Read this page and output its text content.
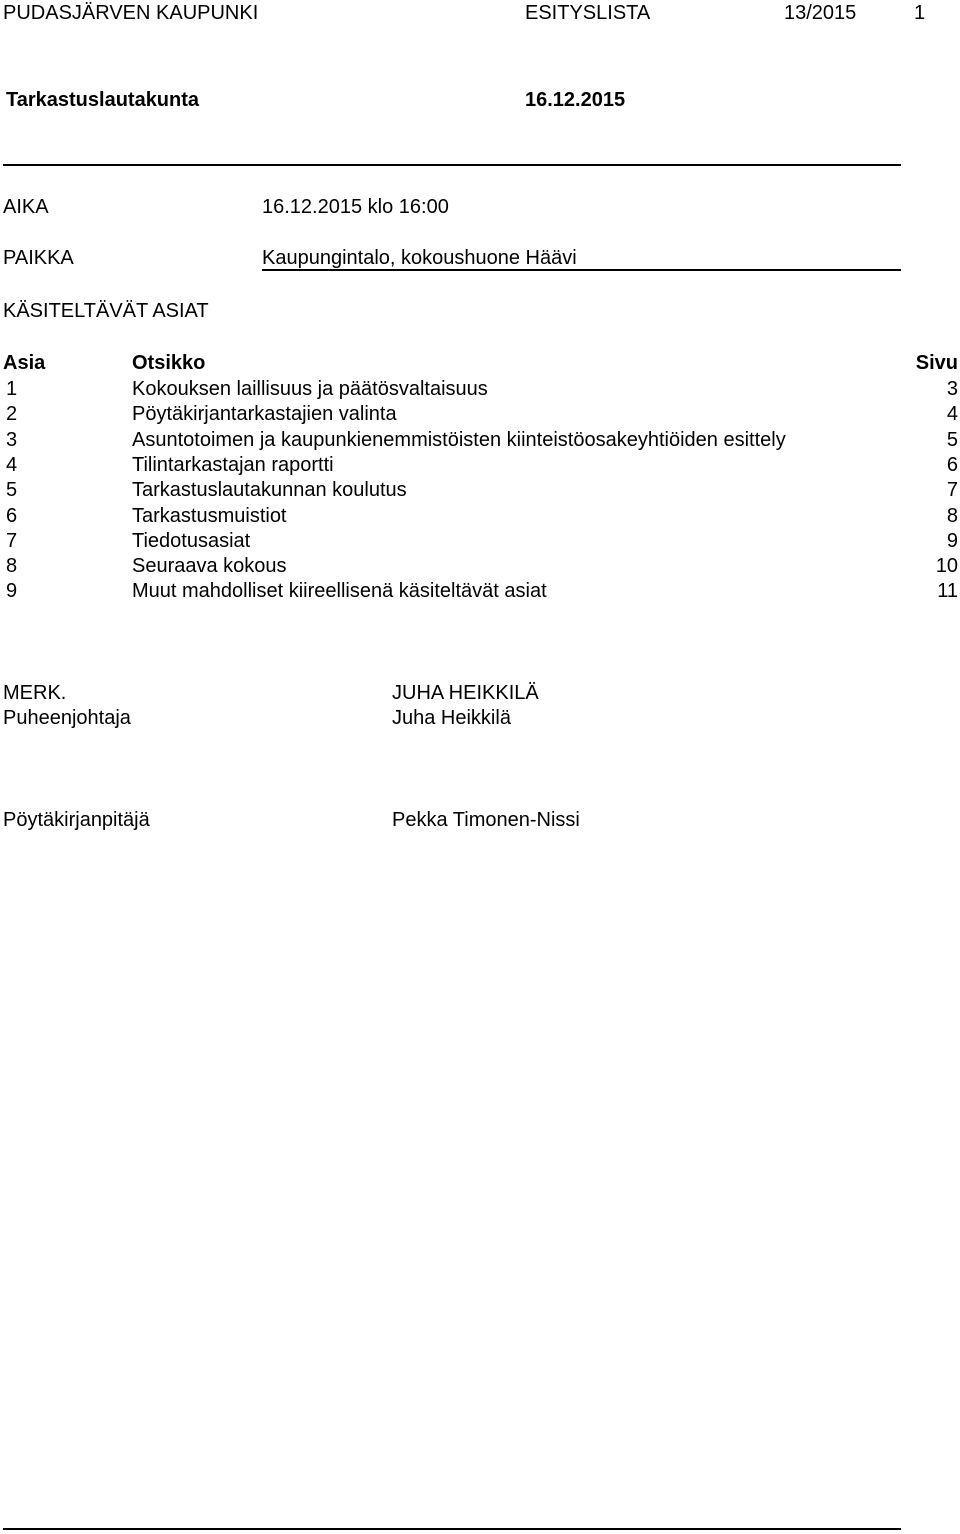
PUDASJÄRVEN KAUPUNKI	ESITYSLISTA	13/2015	1
Tarkastuslautakunta	16.12.2015
AIKA	16.12.2015 klo 16:00
PAIKKA	Kaupungintalo, kokoushuone Häävi
KÄSITELTÄVÄT ASIAT
Asia	Otsikko	Sivu
1	Kokouksen laillisuus ja päätösvaltaisuus	3
2	Pöytäkirjantarkastajien valinta	4
3	Asuntotoimen ja kaupunkienemmistöisten kiinteistöosakeyhtiöiden esittely	5
4	Tilintarkastajan raportti	6
5	Tarkastuslautakunnan koulutus	7
6	Tarkastusmuistiot	8
7	Tiedotusasiat	9
8	Seuraava kokous	10
9	Muut mahdolliset kiireellisenä käsiteltävät asiat	11
MERK.	JUHA HEIKKILÄ
Puheenjohtaja	Juha Heikkilä
Pöytäkirjanpitäjä	Pekka Timonen-Nissi
